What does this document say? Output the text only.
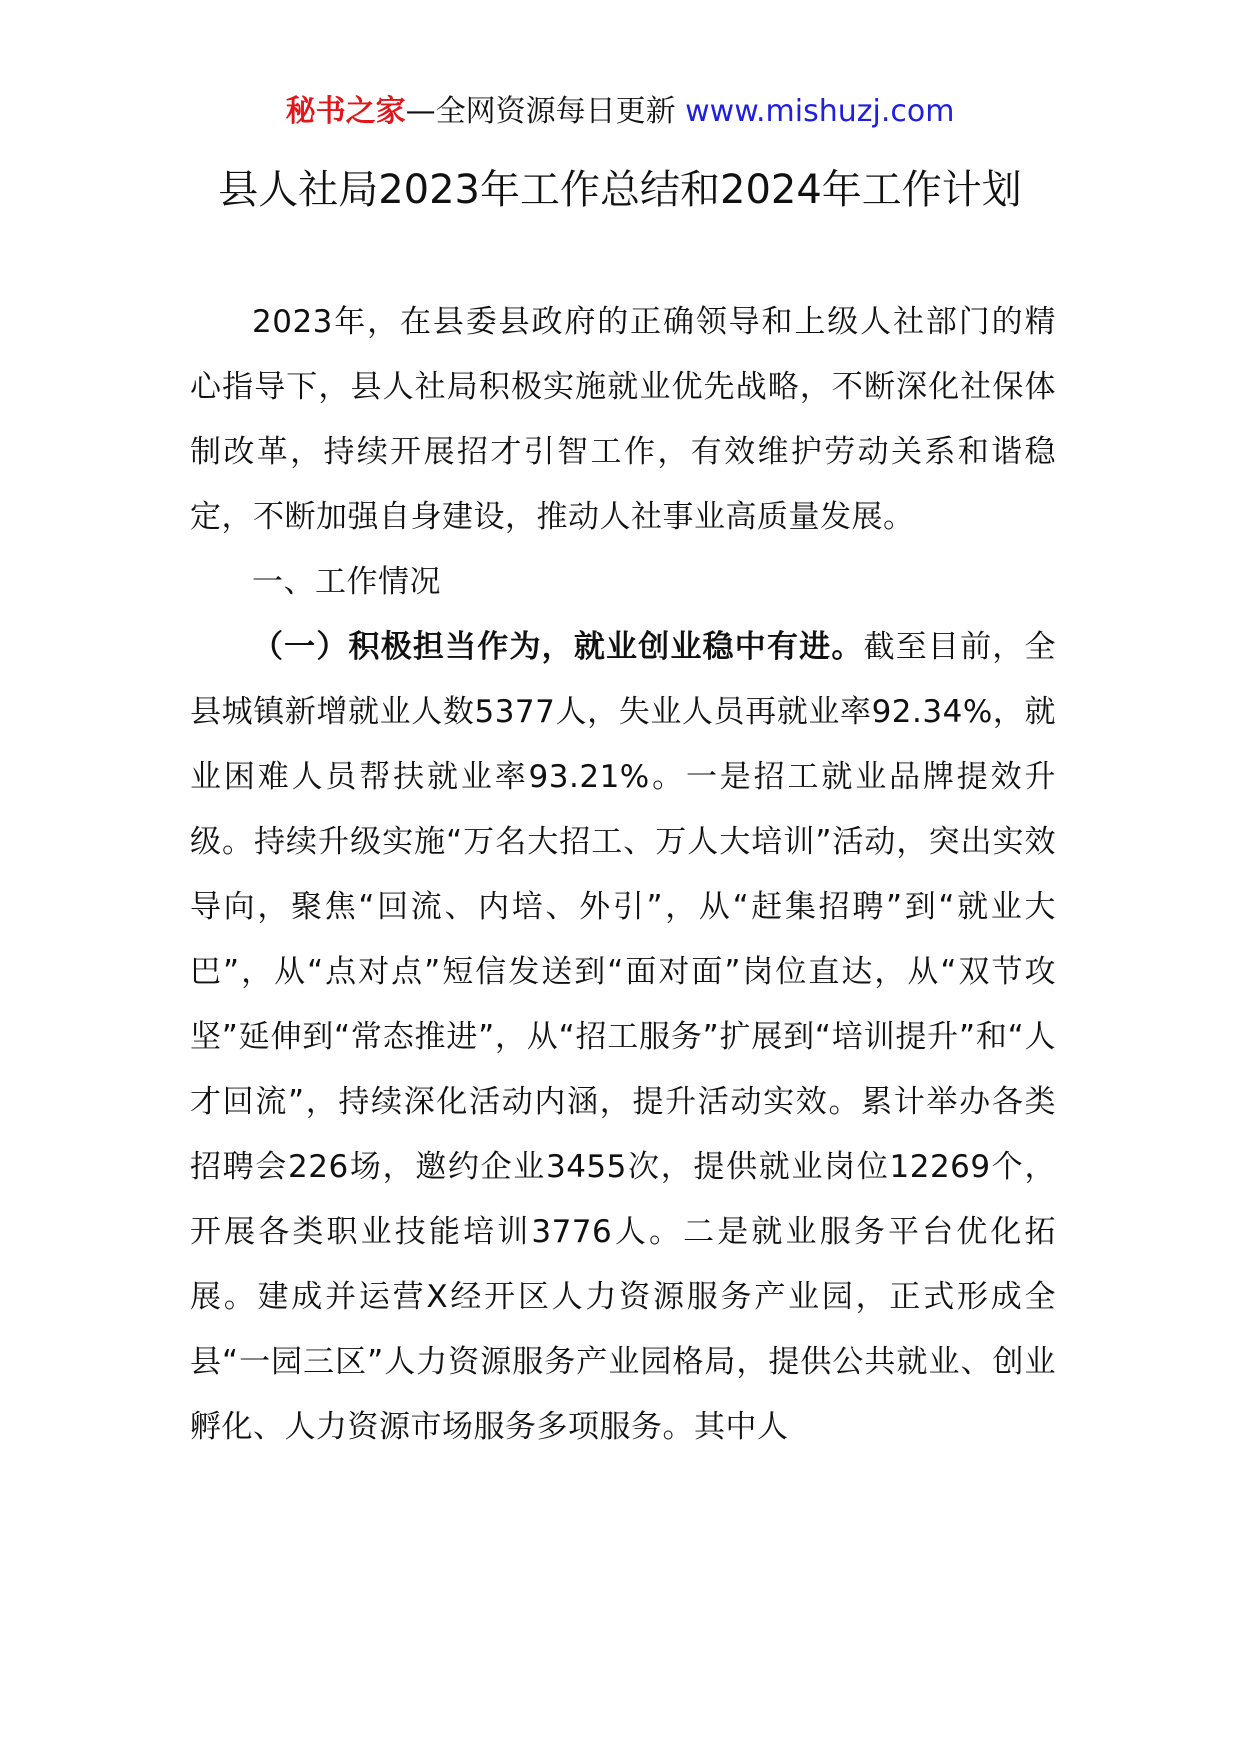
秘书之家—全网资源每日更新 www.mishuzj.com
县人社局2023年工作总结和2024年工作计划

2023年，在县委县政府的正确领导和上级人社部门的精心指导下，县人社局积极实施就业优先战略，不断深化社保体制改革，持续开展招才引智工作，有效维护劳动关系和谐稳定，不断加强自身建设，推动人社事业高质量发展。

一、工作情况

（一）积极担当作为，就业创业稳中有进。截至目前，全县城镇新增就业人数5377人，失业人员再就业率92.34%，就业困难人员帮扶就业率93.21%。一是招工就业品牌提效升级。持续升级实施“万名大招工、万人大培训”活动，突出实效导向，聚焦“回流、内培、外引”，从“赶集招聘”到“就业大巴”，从“点对点”短信发送到“面对面”岗位直达，从“双节攻坚”延伸到“常态推进”，从“招工服务”扩展到“培训提升”和“人才回流”，持续深化活动内涵，提升活动实效。累计举办各类招聘会226场，邀约企业3455次，提供就业岗位12269个，开展各类职业技能培训3776人。二是就业服务平台优化拓展。建成并运营X经开区人力资源服务产业园，正式形成全县“一园三区”人力资源服务产业园格局，提供公共就业、创业孵化、人力资源市场服务多项服务。其中人
